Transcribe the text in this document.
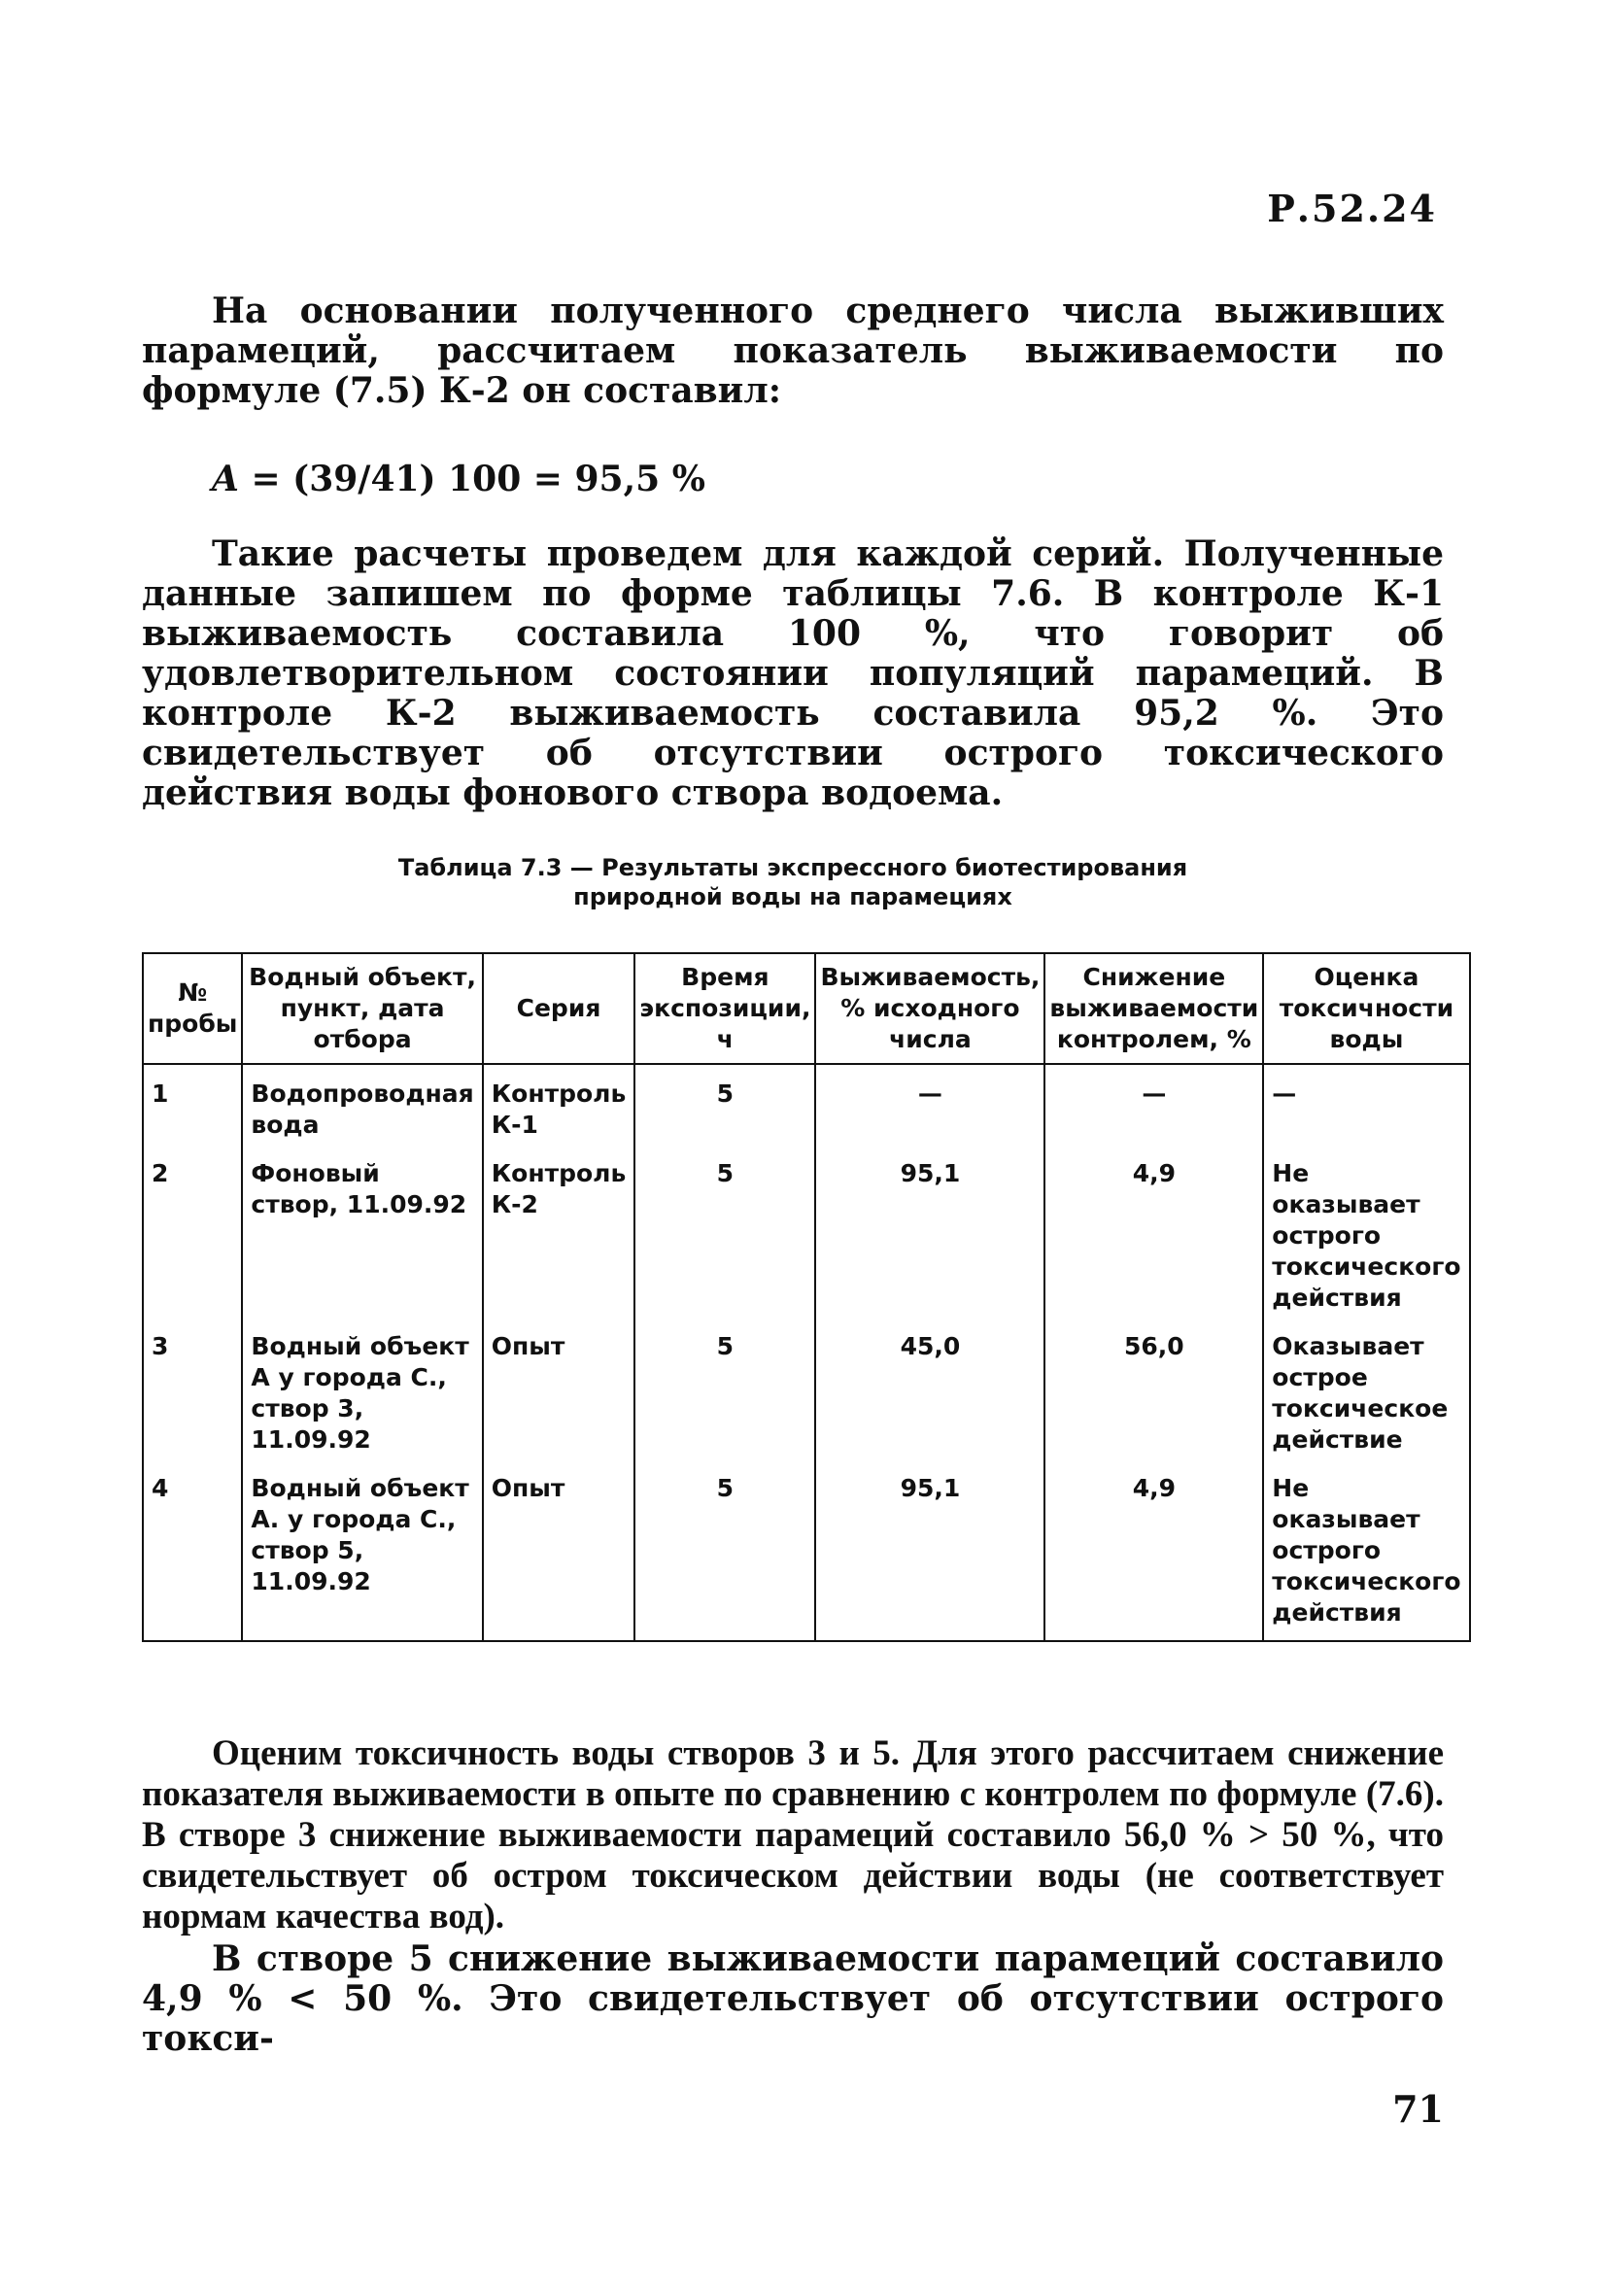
Р.52.24

На основании полученного среднего числа выживших парамеций, рассчитаем показатель выживаемости по формуле (7.5) К-2 он составил:

A = (39/41) 100 = 95,5 %

Такие расчеты проведем для каждой серий. Полученные данные запишем по форме таблицы 7.6. В контроле К-1 выживаемость составила 100 %, что говорит об удовлетворительном состоянии популяций парамеций. В контроле К-2 выживаемость составила 95,2 %. Это свидетельствует об отсутствии острого токсического действия воды фонового створа водоема.

Таблица 7.3 — Результаты экспрессного биотестирования
природной воды на парамециях
№ пробы	Водный объект, пункт, дата отбора	Серия	Время экспозиции, ч	Выживаемость, % исходного числа	Снижение выживаемости контролем, %	Оценка токсичности воды
1	Водопроводная вода	Контроль К-1	5	—	—	—
2	Фоновый створ, 11.09.92	Контроль К-2	5	95,1	4,9	Не оказывает острого токсического действия
3	Водный объект А у города С., створ 3, 11.09.92	Опыт	5	45,0	56,0	Оказывает острое токсическое действие
4	Водный объект А. у города С., створ 5, 11.09.92	Опыт	5	95,1	4,9	Не оказывает острого токсического действия

Оценим токсичность воды створов 3 и 5. Для этого рассчитаем снижение показателя выживаемости в опыте по сравнению с контролем по формуле (7.6). В створе 3 снижение выживаемости парамеций составило 56,0 % > 50 %, что свидетельствует об остром токсическом действии воды (не соответствует нормам качества вод).

В створе 5 снижение выживаемости парамеций составило 4,9 % < 50 %. Это свидетельствует об отсутствии острого токси-

71
